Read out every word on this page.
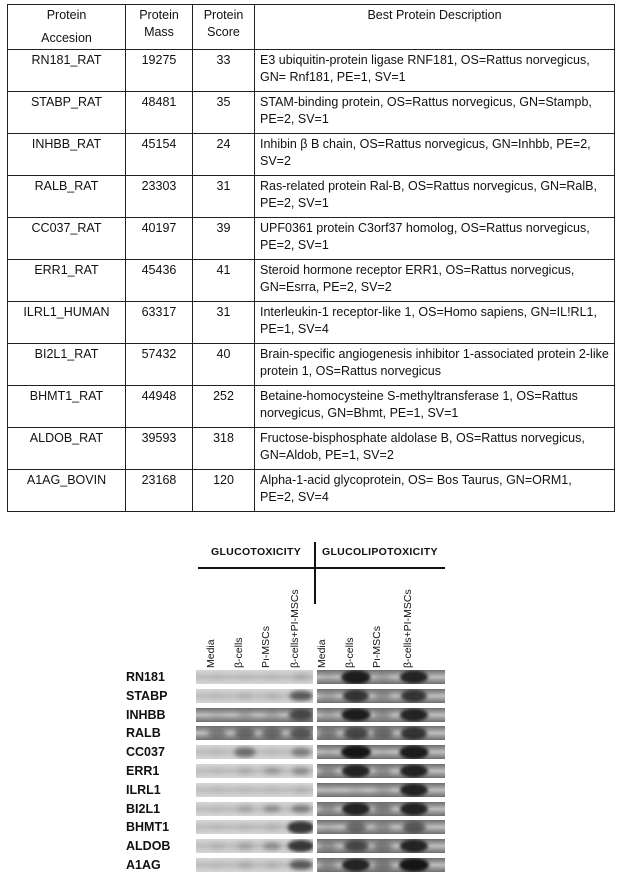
Protein
Accesion	Protein Mass	Protein Score	Best Protein Description
RN181_RAT	19275	33	E3 ubiquitin-protein ligase RNF181, OS=Rattus norvegicus, GN= Rnf181, PE=1, SV=1
STABP_RAT	48481	35	STAM-binding protein, OS=Rattus norvegicus, GN=Stampb, PE=2, SV=1
INHBB_RAT	45154	24	Inhibin β B chain, OS=Rattus norvegicus, GN=Inhbb, PE=2, SV=2
RALB_RAT	23303	31	Ras-related protein Ral-B, OS=Rattus norvegicus, GN=RalB, PE=2, SV=1
CC037_RAT	40197	39	UPF0361 protein C3orf37 homolog, OS=Rattus norvegicus, PE=2, SV=1
ERR1_RAT	45436	41	Steroid hormone receptor ERR1, OS=Rattus norvegicus, GN=Esrra, PE=2, SV=2
ILRL1_HUMAN	63317	31	Interleukin-1 receptor-like 1, OS=Homo sapiens, GN=IL!RL1, PE=1, SV=4
BI2L1_RAT	57432	40	Brain-specific angiogenesis inhibitor 1-associated protein 2-like protein 1, OS=Rattus norvegicus
BHMT1_RAT	44948	252	Betaine-homocysteine S-methyltransferase 1, OS=Rattus norvegicus, GN=Bhmt, PE=1, SV=1
ALDOB_RAT	39593	318	Fructose-bisphosphate aldolase B, OS=Rattus norvegicus, GN=Aldob, PE=1, SV=2
A1AG_BOVIN	23168	120	Alpha-1-acid glycoprotein, OS= Bos Taurus, GN=ORM1, PE=2, SV=4
GLUCOTOXICITY GLUCOLIPOTOXICITY
Media β-cells Pı-MSCs β-cells+PI-MSCs Media β-cells Pı-MSCs β-cells+PI-MSCs
RN181
STABP
INHBB
RALB
CC037
ERR1
ILRL1
BI2L1
BHMT1
ALDOB
A1AG
